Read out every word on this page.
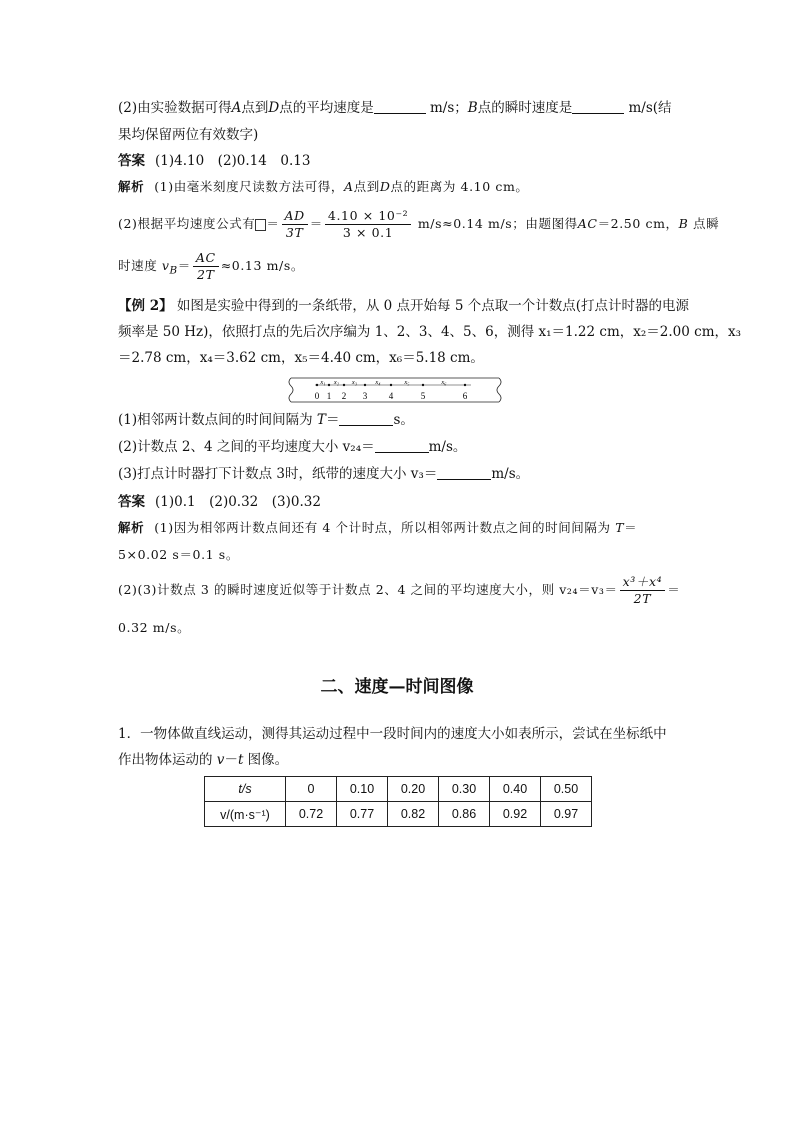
(2)由实验数据可得A点到D点的平均速度是	m/s；B点的瞬时速度是	m/s(结
果均保留两位有效数字)
答案 (1)4.10　(2)0.14　0.13
解析 (1)由毫米刻度尺读数方法可得，A点到D点的距离为 4.10 cm。
(2)根据平均速度公式有 ＝ $\frac{AD}{3T} = \frac{\text{4.10 × 10⁻²}}{3 \times 0.1} m/s\approx 0.14$ m/s；由题图得AC＝2.50 cm，B 点瞬
时速度 $v_B= \frac{AC}{2T} \approx 0.13$ m/s。
【例 2】 如图是实验中得到的一条纸带，从 0 点开始每 5 个点取一个计数点(打点计时器的电源
频率是 50 Hz)，依照打点的先后次序编为 1、2、3、4、5、6，测得 x₁＝1.22 cm，x₂＝2.00 cm，x₃
＝2.78 cm，x₄＝3.62 cm，x₅＝4.40 cm，x₆＝5.18 cm。
0 1 2 3 4	5	6
x₁ x₂ x₃	x₄	x₅	x₆
(1)相邻两计数点间的时间间隔为 T＝	s。
(2)计数点 2、4 之间的平均速度大小 v₂₄＝	m/s。
(3)打点计时器打下计数点 3时，纸带的速度大小 v₃＝	m/s。
答案 (1)0.1　(2)0.32　(3)0.32
解析 (1)因为相邻两计数点间还有 4 个计时点，所以相邻两计数点之间的时间间隔为 T＝
5×0.02 s＝0.1 s。
(2)(3)计数点 3 的瞬时速度近似等于计数点 2、4 之间的平均速度大小，则 $v_{24}=v_3= \frac{\text{x³＋x⁴}}{2T}$ ＝
0.32 m/s。
二、速度—时间图像
1．一物体做直线运动，测得其运动过程中一段时间内的速度大小如表所示，尝试在坐标纸中
作出物体运动的 v－t 图像。
t/s	0	0.10	0.20	0.30	0.40	0.50
v/(m·s⁻¹)	0.72	0.77	0.82	0.86	0.92	0.97
